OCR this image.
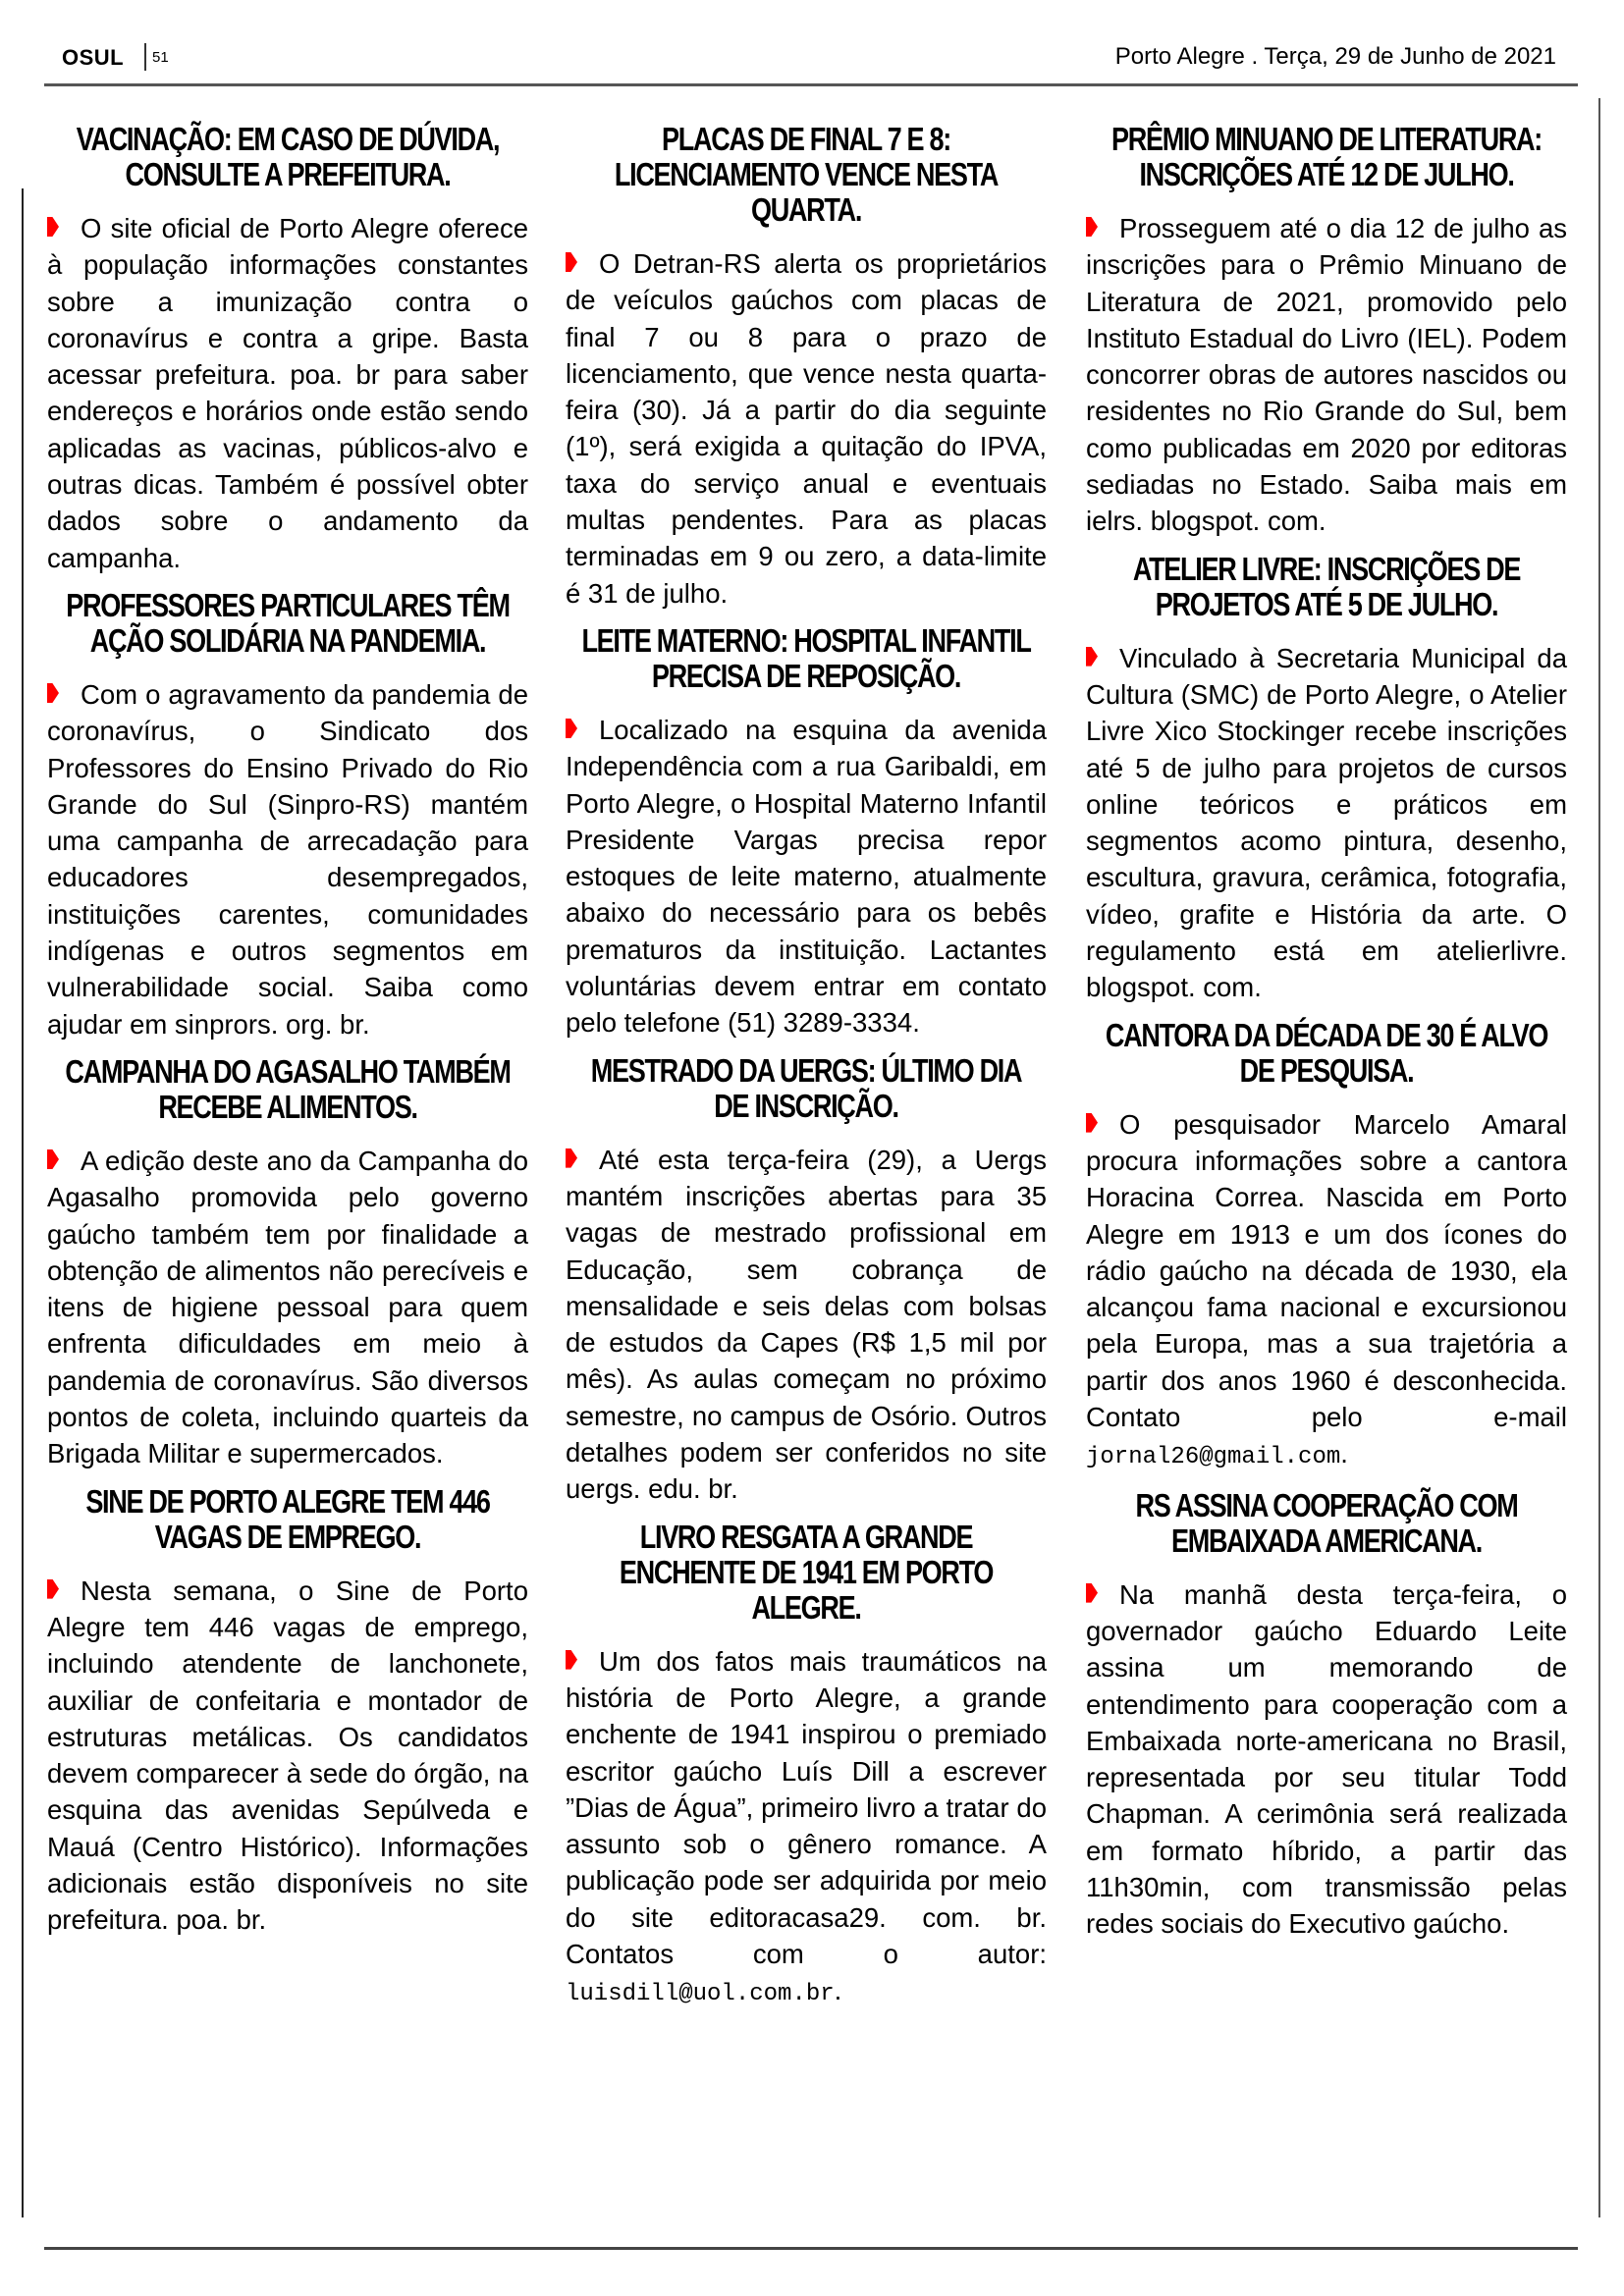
OSUL 51	Porto Alegre . Terça, 29 de Junho de 2021
VACINAÇÃO: EM CASO DE DÚVIDA, CONSULTE A PREFEITURA.

O site oficial de Porto Alegre oferece à população informações constantes sobre a imunização contra o coronavírus e contra a gripe. Basta acessar prefeitura. poa. br para saber endereços e horários onde estão sendo aplicadas as vacinas, públicos-alvo e outras dicas. Também é possível obter dados sobre o andamento da campanha.

PROFESSORES PARTICULARES TÊM AÇÃO SOLIDÁRIA NA PANDEMIA.

Com o agravamento da pandemia de coronavírus, o Sindicato dos Professores do Ensino Privado do Rio Grande do Sul (Sinpro-RS) mantém uma campanha de arrecadação para educadores desempregados, instituições carentes, comunidades indígenas e outros segmentos em vulnerabilidade social. Saiba como ajudar em sinprors. org. br.

CAMPANHA DO AGASALHO TAMBÉM RECEBE ALIMENTOS.

A edição deste ano da Campanha do Agasalho promovida pelo governo gaúcho também tem por finalidade a obtenção de alimentos não perecíveis e itens de higiene pessoal para quem enfrenta dificuldades em meio à pandemia de coronavírus. São diversos pontos de coleta, incluindo quarteis da Brigada Militar e supermercados.

SINE DE PORTO ALEGRE TEM 446 VAGAS DE EMPREGO.

Nesta semana, o Sine de Porto Alegre tem 446 vagas de emprego, incluindo atendente de lanchonete, auxiliar de confeitaria e montador de estruturas metálicas. Os candidatos devem comparecer à sede do órgão, na esquina das avenidas Sepúlveda e Mauá (Centro Histórico). Informações adicionais estão disponíveis no site prefeitura. poa. br.

PLACAS DE FINAL 7 E 8: LICENCIAMENTO VENCE NESTA QUARTA.

O Detran-RS alerta os proprietários de veículos gaúchos com placas de final 7 ou 8 para o prazo de licenciamento, que vence nesta quarta-feira (30). Já a partir do dia seguinte (1º), será exigida a quitação do IPVA, taxa do serviço anual e eventuais multas pendentes. Para as placas terminadas em 9 ou zero, a data-limite é 31 de julho.

LEITE MATERNO: HOSPITAL INFANTIL PRECISA DE REPOSIÇÃO.

Localizado na esquina da avenida Independência com a rua Garibaldi, em Porto Alegre, o Hospital Materno Infantil Presidente Vargas precisa repor estoques de leite materno, atualmente abaixo do necessário para os bebês prematuros da instituição. Lactantes voluntárias devem entrar em contato pelo telefone (51) 3289-3334.

MESTRADO DA UERGS: ÚLTIMO DIA DE INSCRIÇÃO.

Até esta terça-feira (29), a Uergs mantém inscrições abertas para 35 vagas de mestrado profissional em Educação, sem cobrança de mensalidade e seis delas com bolsas de estudos da Capes (R$ 1,5 mil por mês). As aulas começam no próximo semestre, no campus de Osório. Outros detalhes podem ser conferidos no site uergs. edu. br.

LIVRO RESGATA A GRANDE ENCHENTE DE 1941 EM PORTO ALEGRE.

Um dos fatos mais traumáticos na história de Porto Alegre, a grande enchente de 1941 inspirou o premiado escritor gaúcho Luís Dill a escrever ”Dias de Água”, primeiro livro a tratar do assunto sob o gênero romance. A publicação pode ser adquirida por meio do site editoracasa29. com. br. Contatos com o autor: luisdill@uol.com.br.

PRÊMIO MINUANO DE LITERATURA: INSCRIÇÕES ATÉ 12 DE JULHO.

Prosseguem até o dia 12 de julho as inscrições para o Prêmio Minuano de Literatura de 2021, promovido pelo Instituto Estadual do Livro (IEL). Podem concorrer obras de autores nascidos ou residentes no Rio Grande do Sul, bem como publicadas em 2020 por editoras sediadas no Estado. Saiba mais em ielrs. blogspot. com.

ATELIER LIVRE: INSCRIÇÕES DE PROJETOS ATÉ 5 DE JULHO.

Vinculado à Secretaria Municipal da Cultura (SMC) de Porto Alegre, o Atelier Livre Xico Stockinger recebe inscrições até 5 de julho para projetos de cursos online teóricos e práticos em segmentos acomo pintura, desenho, escultura, gravura, cerâmica, fotografia, vídeo, grafite e História da arte. O regulamento está em atelierlivre. blogspot. com.

CANTORA DA DÉCADA DE 30 É ALVO DE PESQUISA.

O pesquisador Marcelo Amaral procura informações sobre a cantora Horacina Correa. Nascida em Porto Alegre em 1913 e um dos ícones do rádio gaúcho na década de 1930, ela alcançou fama nacional e excursionou pela Europa, mas a sua trajetória a partir dos anos 1960 é desconhecida. Contato pelo e-mail jornal26@gmail.com.

RS ASSINA COOPERAÇÃO COM EMBAIXADA AMERICANA.

Na manhã desta terça-feira, o governador gaúcho Eduardo Leite assina um memorando de entendimento para cooperação com a Embaixada norte-americana no Brasil, representada por seu titular Todd Chapman. A cerimônia será realizada em formato híbrido, a partir das 11h30min, com transmissão pelas redes sociais do Executivo gaúcho.
